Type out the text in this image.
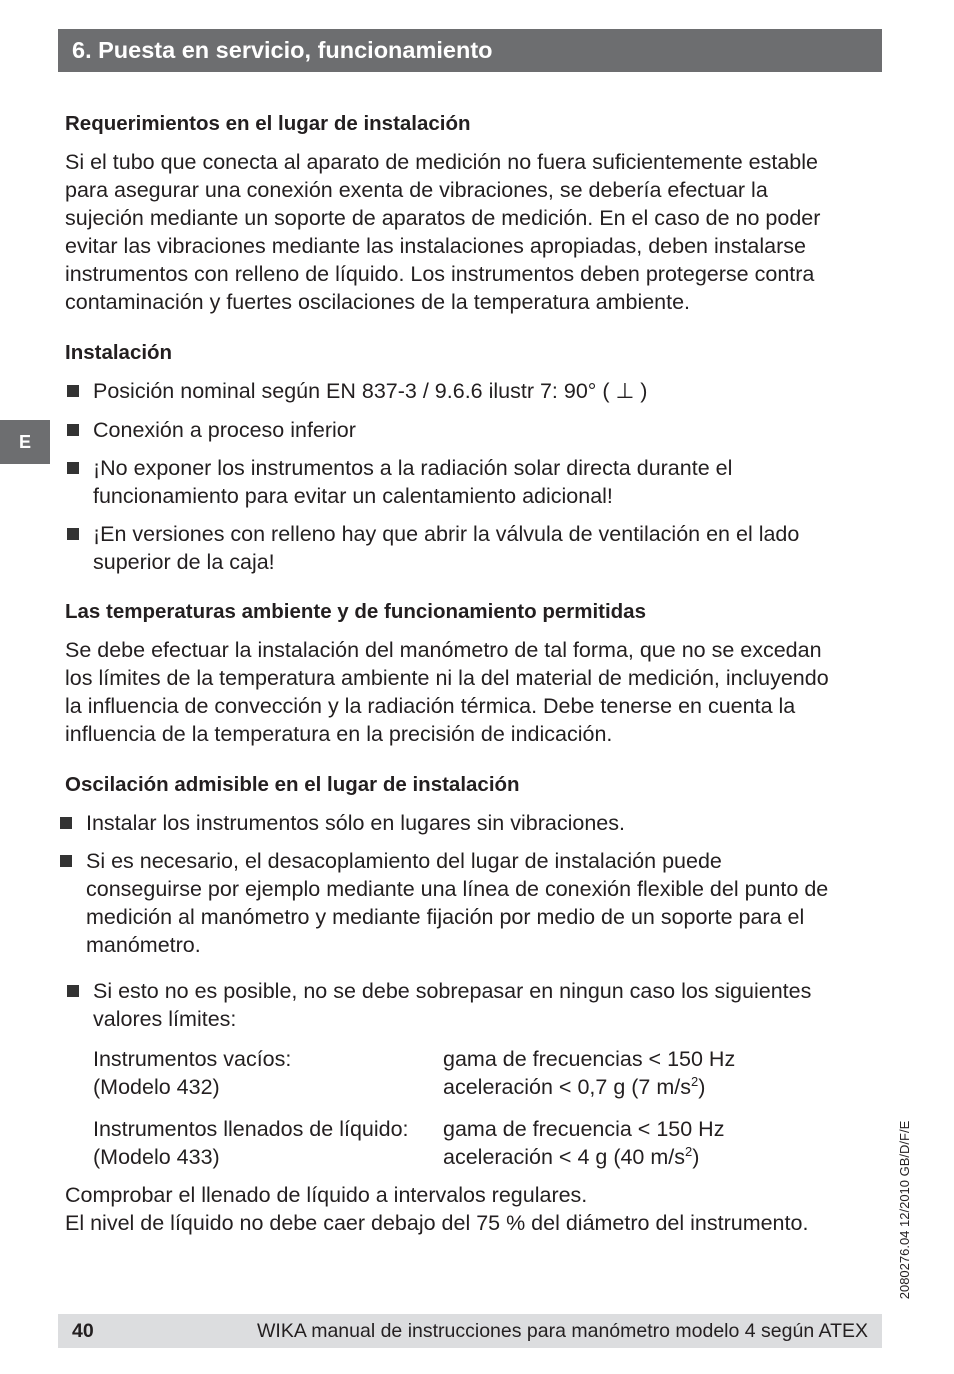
6. Puesta en servicio, funcionamiento
E
Requerimientos en el lugar de instalación
Si el tubo que conecta al aparato de medición no fuera suficientemente estable
para asegurar una conexión exenta de vibraciones, se debería efectuar la
sujeción mediante un soporte de aparatos de medición. En el caso de no poder
evitar las vibraciones mediante las instalaciones apropiadas, deben instalarse
instrumentos con relleno de líquido. Los instrumentos deben protegerse contra
contaminación y fuertes oscilaciones de la temperatura ambiente.
Instalación
Posición nominal según EN 837-3 / 9.6.6 ilustr 7: 90° ( ⊥ )
Conexión a proceso inferior
¡No exponer los instrumentos a la radiación solar directa durante el
funcionamiento para evitar un calentamiento adicional!
¡En versiones con relleno hay que abrir la válvula de ventilación en el lado
superior de la caja!
Las temperaturas ambiente y de funcionamiento permitidas
Se debe efectuar la instalación del manómetro de tal forma, que no se excedan
los límites de la temperatura ambiente ni la del material de medición, incluyendo
la influencia de convección y la radiación térmica. Debe tenerse en cuenta la
influencia de la temperatura en la precisión de indicación.
Oscilación admisible en el lugar de instalación
Instalar los instrumentos sólo en lugares sin vibraciones.
Si es necesario, el desacoplamiento del lugar de instalación puede
conseguirse por ejemplo mediante una línea de conexión flexible del punto de
medición al manómetro y mediante fijación por medio de un soporte para el
manómetro.
Si esto no es posible, no se debe sobrepasar en ningun caso los siguientes
valores límites:
Instrumentos vacíos:	gama de frecuencias < 150 Hz
(Modelo 432)	aceleración < 0,7 g (7 $m/s^2$)
Instrumentos llenados de líquido:	gama de frecuencia < 150 Hz
(Modelo 433)	aceleración < 4 g (40 $m/s^2$)
Comprobar el llenado de líquido a intervalos regulares.
El nivel de líquido no debe caer debajo del 75 % del diámetro del instrumento.	2080276.04 12/2010 GB/D/F/E
40	WIKA manual de instrucciones para manómetro modelo 4 según ATEX
